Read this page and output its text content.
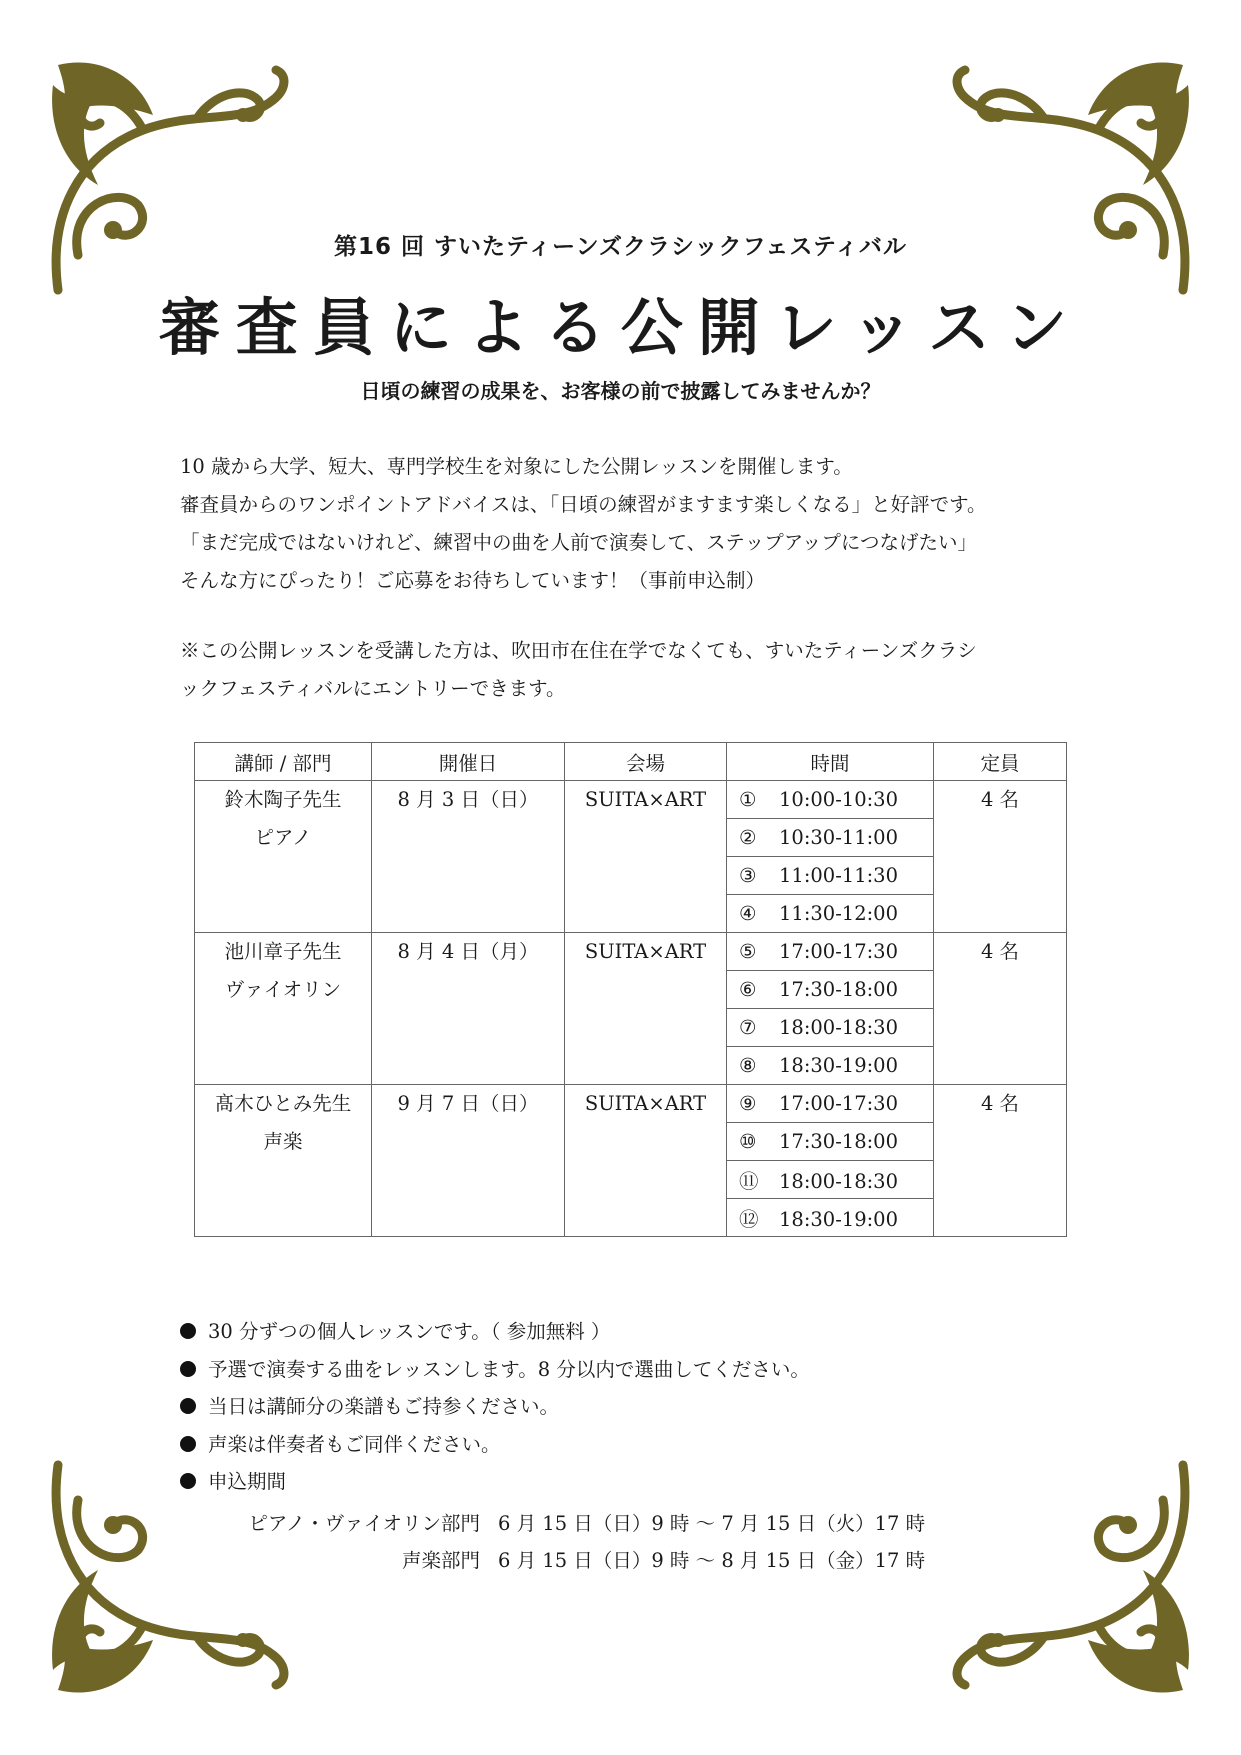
第16 回 すいたティーンズクラシックフェスティバル
審査員による公開レッスン
日頃の練習の成果を、お客様の前で披露してみませんか？

10 歳から大学、短大、専門学校生を対象にした公開レッスンを開催します。

審査員からのワンポイントアドバイスは、「日頃の練習がますます楽しくなる」と好評です。

「まだ完成ではないけれど、練習中の曲を人前で演奏して、ステップアップにつなげたい」

そんな方にぴったり！ご応募をお待ちしています！（事前申込制）

※この公開レッスンを受講した方は、吹田市在住在学でなくても、すいたティーンズクラシ

ックフェスティバルにエントリーできます。

講師 / 部門	開催日	会場	時間	定員

鈴木陶子先生
ピアノ	8 月 3 日（日）	SUITA×ART	① 10:00-10:30	4 名
			② 10:30-11:00	
			③ 11:00-11:30	
			④ 11:30-12:00	

池川章子先生
ヴァイオリン	8 月 4 日（月）	SUITA×ART	⑤ 17:00-17:30	4 名
			⑥ 17:30-18:00	
			⑦ 18:00-18:30	
			⑧ 18:30-19:00	

髙木ひとみ先生
声楽	9 月 7 日（日）	SUITA×ART	⑨ 17:00-17:30	4 名
			⑩ 17:30-18:00	
			⑪ 18:00-18:30	
			⑫ 18:30-19:00	
30 分ずつの個人レッスンです。（ 参加無料 ）
予選で演奏する曲をレッスンします。8 分以内で選曲してください。
当日は講師分の楽譜もご持参ください。
声楽は伴奏者もご同伴ください。
申込期間
ピアノ・ヴァイオリン部門 6 月 15 日（日）9 時 〜 7 月 15 日（火）17 時
声楽部門 6 月 15 日（日）9 時 〜 8 月 15 日（金）17 時
